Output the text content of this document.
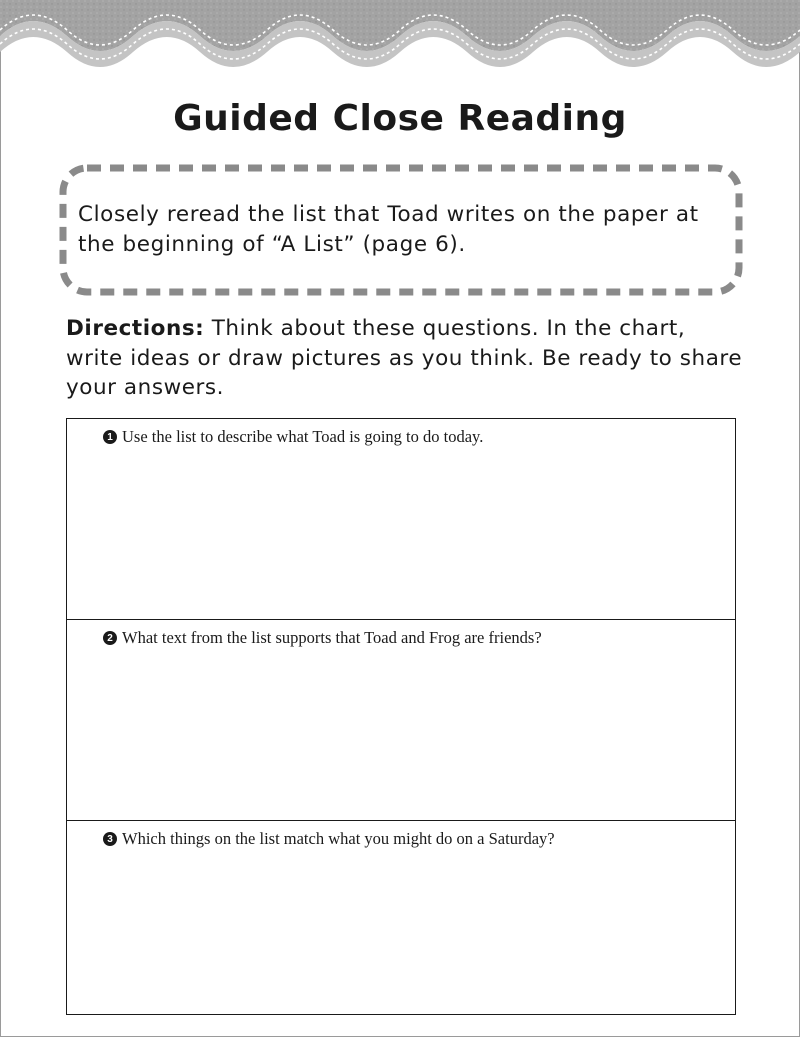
Guided Close Reading

Closely reread the list that Toad writes on the paper at the beginning of “A List” (page 6).

Directions: Think about these questions. In the chart, write ideas or draw pictures as you think. Be ready to share your answers.

1 Use the list to describe what Toad is going to do today.
2 What text from the list supports that Toad and Frog are friends?
3 Which things on the list match what you might do on a Saturday?
